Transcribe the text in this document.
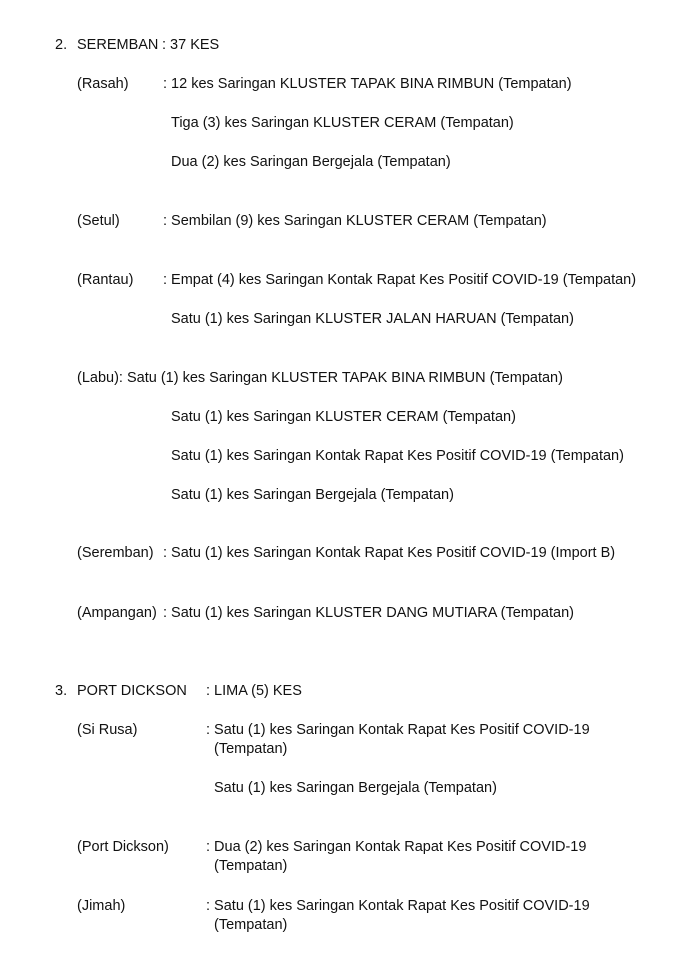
2. SEREMBAN : 37 KES
(Rasah) : 12 kes Saringan KLUSTER TAPAK BINA RIMBUN (Tempatan)
Tiga (3) kes Saringan KLUSTER CERAM (Tempatan)
Dua (2) kes Saringan Bergejala (Tempatan)
(Setul)	: Sembilan (9) kes Saringan KLUSTER CERAM (Tempatan)
(Rantau) : Empat (4) kes Saringan Kontak Rapat Kes Positif COVID-19 (Tempatan)
Satu (1) kes Saringan KLUSTER JALAN HARUAN (Tempatan)
(Labu): Satu (1) kes Saringan KLUSTER TAPAK BINA RIMBUN (Tempatan)
Satu (1) kes Saringan KLUSTER CERAM (Tempatan)
Satu (1) kes Saringan Kontak Rapat Kes Positif COVID-19 (Tempatan)
Satu (1) kes Saringan Bergejala (Tempatan)
(Seremban) : Satu (1) kes Saringan Kontak Rapat Kes Positif COVID-19 (Import B)
(Ampangan) : Satu (1) kes Saringan KLUSTER DANG MUTIARA (Tempatan)
3. PORT DICKSON : LIMA (5) KES
(Si Rusa)	: Satu (1) kes Saringan Kontak Rapat Kes Positif COVID-19
(Tempatan)
Satu (1) kes Saringan Bergejala (Tempatan)
(Port Dickson)	: Dua (2) kes Saringan Kontak Rapat Kes Positif COVID-19
(Tempatan)
(Jimah)	: Satu (1) kes Saringan Kontak Rapat Kes Positif COVID-19
(Tempatan)
